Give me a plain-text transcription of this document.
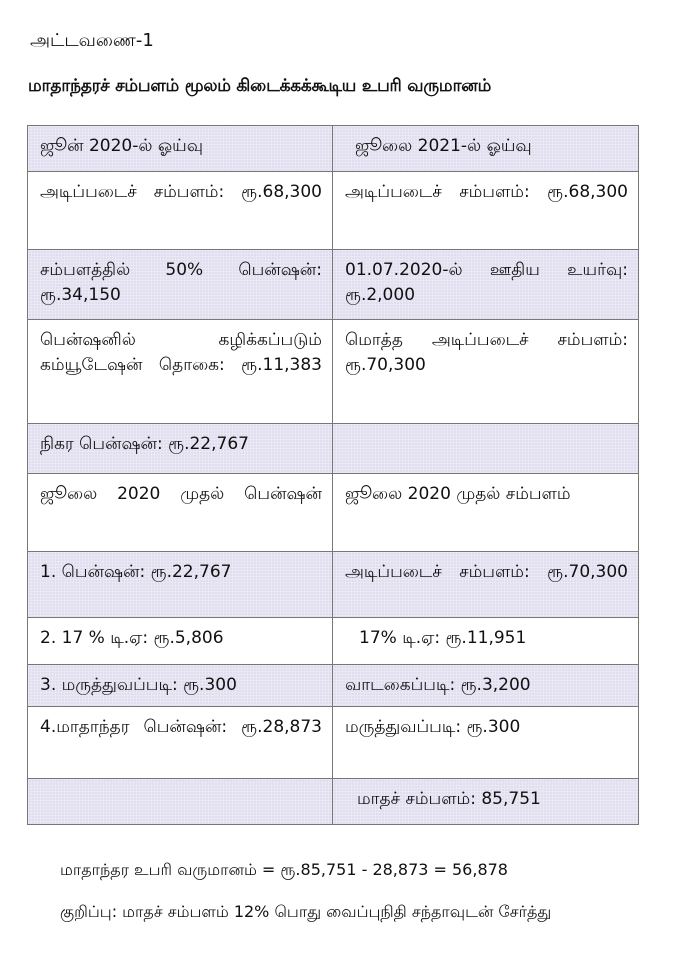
அட்டவணை-1
மாதாந்தரச் சம்பளம் மூலம் கிடைக்கக்கூடிய உபரி வருமானம்
ஜூன் 2020-ல் ஓய்வு	ஜூலை 2021-ல் ஓய்வு

அடிப்படைச் சம்பளம்: ரூ.68,300	அடிப்படைச் சம்பளம்: ரூ.68,300

சம்பளத்தில் 50% பென்ஷன்: ரூ.34,150	01.07.2020-ல் ஊதிய உயர்வு: ரூ.2,000

பென்ஷனில் கழிக்கப்படும் கம்யூடேஷன் தொகை: ரூ.11,383	மொத்த அடிப்படைச் சம்பளம்: ரூ.70,300

நிகர பென்ஷன்: ரூ.22,767	

ஜூலை 2020 முதல் பென்ஷன்	ஜூலை 2020 முதல் சம்பளம்
1. பென்ஷன்: ரூ.22,767	அடிப்படைச் சம்பளம்: ரூ.70,300

2. 17 % டி.ஏ: ரூ.5,806	17% டி.ஏ: ரூ.11,951
3. மருத்துவப்படி: ரூ.300	வாடகைப்படி: ரூ.3,200

4.மாதாந்தர பென்ஷன்: ரூ.28,873	மருத்துவப்படி: ரூ.300
	மாதச் சம்பளம்: 85,751
மாதாந்தர உபரி வருமானம் = ரூ.85,751 - 28,873 = 56,878
குறிப்பு: மாதச் சம்பளம் 12% பொது வைப்புநிதி சந்தாவுடன் சேர்த்து
